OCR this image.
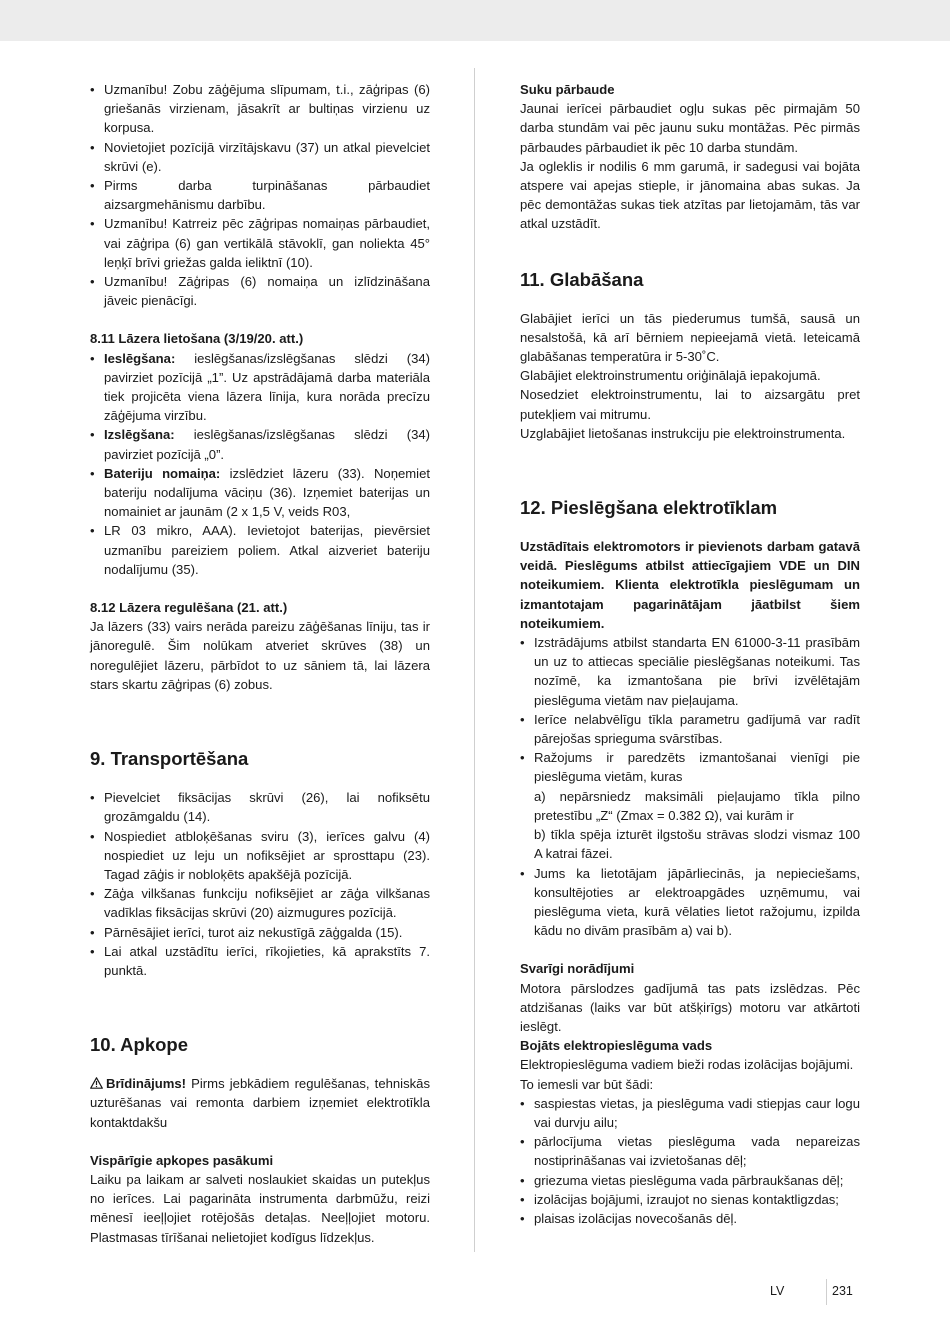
• Uzmanību! Zobu zāģējuma slīpumam, t.i., zāģripas (6) griešanās virzienam, jāsakrīt ar bultiņas virzienu uz korpusa.

• Novietojiet pozīcijā virzītājskavu (37) un atkal pievelciet skrūvi (e).

• Pirms darba turpināšanas pārbaudiet aizsargmehānismu darbību.

• Uzmanību! Katrreiz pēc zāģripas nomaiņas pārbaudiet, vai zāģripa (6) gan vertikālā stāvoklī, gan noliekta 45° leņķī brīvi griežas galda ieliktnī (10).

• Uzmanību! Zāģripas (6) nomaiņa un izlīdzināšana jāveic pienācīgi.

8.11 Lāzera lietošana (3/19/20. att.)

• Ieslēgšana: ieslēgšanas/izslēgšanas slēdzi (34) pavirziet pozīcijā „1”. Uz apstrādājamā darba materiāla tiek projicēta viena lāzera līnija, kura norāda precīzu zāģējuma virzību.

• Izslēgšana: ieslēgšanas/izslēgšanas slēdzi (34) pavirziet pozīcijā „0”.

• Bateriju nomaiņa: izslēdziet lāzeru (33). Noņemiet bateriju nodalījuma vāciņu (36). Izņemiet baterijas un nomainiet ar jaunām (2 x 1,5 V, veids R03,

• LR 03 mikro, AAA). Ievietojot baterijas, pievērsiet uzmanību pareiziem poliem. Atkal aizveriet bateriju nodalījumu (35).

8.12 Lāzera regulēšana (21. att.)

Ja lāzers (33) vairs nerāda pareizu zāģēšanas līniju, tas ir jānoregulē. Šim nolūkam atveriet skrūves (38) un noregulējiet lāzeru, pārbīdot to uz sāniem tā, lai lāzera stars skartu zāģripas (6) zobus.

9. Transportēšana

• Pievelciet fiksācijas skrūvi (26), lai nofiksētu grozāmgaldu (14).

• Nospiediet atbloķēšanas sviru (3), ierīces galvu (4) nospiediet uz leju un nofiksējiet ar sprosttapu (23). Tagad zāģis ir nobloķēts apakšējā pozīcijā.

• Zāģa vilkšanas funkciju nofiksējiet ar zāģa vilkšanas vadīklas fiksācijas skrūvi (20) aizmugures pozīcijā.

• Pārnēsājiet ierīci, turot aiz nekustīgā zāģgalda (15).

• Lai atkal uzstādītu ierīci, rīkojieties, kā aprakstīts 7. punktā.

10. Apkope

Brīdinājums! Pirms jebkādiem regulēšanas, tehniskās uzturēšanas vai remonta darbiem izņemiet elektrotīkla kontaktdakšu

Vispārīgie apkopes pasākumi

Laiku pa laikam ar salveti noslaukiet skaidas un putekļus no ierīces. Lai pagarināta instrumenta darbmūžu, reizi mēnesī ieeļļojiet rotējošās detaļas. Neeļļojiet motoru. Plastmasas tīrīšanai nelietojiet kodīgus līdzekļus.

Suku pārbaude

Jaunai ierīcei pārbaudiet ogļu sukas pēc pirmajām 50 darba stundām vai pēc jaunu suku montāžas. Pēc pirmās pārbaudes pārbaudiet ik pēc 10 darba stundām.

Ja ogleklis ir nodilis 6 mm garumā, ir sadegusi vai bojāta atspere vai apejas stieple, ir jānomaina abas sukas. Ja pēc demontāžas sukas tiek atzītas par lietojamām, tās var atkal uzstādīt.

11. Glabāšana

Glabājiet ierīci un tās piederumus tumšā, sausā un nesalstošā, kā arī bērniem nepieejamā vietā. Ieteicamā glabāšanas temperatūra ir 5-30˚C.

Glabājiet elektroinstrumentu oriģinālajā iepakojumā.

Nosedziet elektroinstrumentu, lai to aizsargātu pret putekļiem vai mitrumu.

Uzglabājiet lietošanas instrukciju pie elektroinstrumenta.

12. Pieslēgšana elektrotīklam

Uzstādītais elektromotors ir pievienots darbam gatavā veidā. Pieslēgums atbilst attiecīgajiem VDE un DIN noteikumiem. Klienta elektrotīkla pieslēgumam un izmantotajam pagarinātājam jāatbilst šiem noteikumiem.

• Izstrādājums atbilst standarta EN 61000-3-11 prasībām un uz to attiecas speciālie pieslēgšanas noteikumi. Tas nozīmē, ka izmantošana pie brīvi izvēlētajām pieslēguma vietām nav pieļaujama.

• Ierīce nelabvēlīgu tīkla parametru gadījumā var radīt pārejošas sprieguma svārstības.

• Ražojums ir paredzēts izmantošanai vienīgi pie pieslēguma vietām, kuras
a) nepārsniedz maksimāli pieļaujamo tīkla pilno pretestību „Z“ (Zmax = 0.382 Ω), vai kurām ir
b) tīkla spēja izturēt ilgstošu strāvas slodzi vismaz 100 A katrai fāzei.

• Jums ka lietotājam jāpārliecinās, ja nepieciešams, konsultējoties ar elektroapgādes uzņēmumu, vai pieslēguma vieta, kurā vēlaties lietot ražojumu, izpilda kādu no divām prasībām a) vai b).

Svarīgi norādījumi

Motora pārslodzes gadījumā tas pats izslēdzas. Pēc atdzišanas (laiks var būt atšķirīgs) motoru var atkārtoti ieslēgt.

Bojāts elektropieslēguma vads

Elektropieslēguma vadiem bieži rodas izolācijas bojājumi.

To iemesli var būt šādi:

• saspiestas vietas, ja pieslēguma vadi stiepjas caur logu vai durvju ailu;

• pārlocījuma vietas pieslēguma vada nepareizas nostiprināšanas vai izvietošanas dēļ;

• griezuma vietas pieslēguma vada pārbraukšanas dēļ;

• izolācijas bojājumi, izraujot no sienas kontaktligzdas;

• plaisas izolācijas novecošanās dēļ.

LV	231
